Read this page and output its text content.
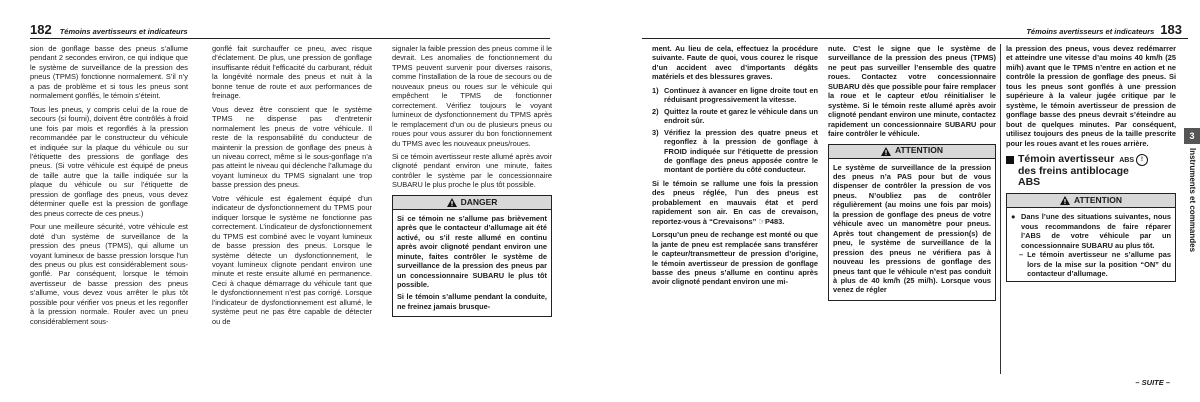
182 Témoins avertisseurs et indicateurs

sion de gonflage basse des pneus s’allume pendant 2 secondes environ, ce qui indique que le système de surveillance de la pression des pneus (TPMS) fonctionne normalement. S’il n’y a pas de problème et si tous les pneus sont normalement gonflés, le témoin s’éteint.

Tous les pneus, y compris celui de la roue de secours (si fourni), doivent être contrôlés à froid une fois par mois et regonflés à la pression recommandée par le constructeur du véhicule et indiquée sur la plaque du véhicule ou sur l’étiquette des pressions de gonflage des pneus. (Si votre véhicule est équipé de pneus de taille autre que la taille indiquée sur la plaque du véhicule ou sur l’étiquette de pression de gonflage des pneus, vous devez déterminer quelle est la pression de gonflage des pneus correcte de ces pneus.)

Pour une meilleure sécurité, votre véhicule est doté d’un système de surveillance de la pression des pneus (TPMS), qui allume un voyant lumineux de basse pression lorsque l’un des pneus ou plus est considérablement sous-gonflé. Par conséquent, lorsque le témoin avertisseur de basse pression des pneus s’allume, vous devez vous arrêter le plus tôt possible pour vérifier vos pneus et les regonfler à la pression normale. Rouler avec un pneu considérablement sous-

gonflé fait surchauffer ce pneu, avec risque d’éclatement. De plus, une pression de gonflage insuffisante réduit l’efficacité du carburant, réduit la longévité normale des pneus et nuit à la bonne tenue de route et aux performances de freinage.

Vous devez être conscient que le système TPMS ne dispense pas d’entretenir normalement les pneus de votre véhicule. Il reste de la responsabilité du conducteur de maintenir la pression de gonflage des pneus à un niveau correct, même si le sous-gonflage n’a pas atteint le niveau qui déclenche l’allumage du voyant lumineux du TPMS signalant une trop basse pression des pneus.

Votre véhicule est également équipé d’un indicateur de dysfonctionnement du TPMS pour indiquer lorsque le système ne fonctionne pas correctement. L’indicateur de dysfonctionnement du TPMS est combiné avec le voyant lumineux de basse pression des pneus. Lorsque le système détecte un dysfonctionnement, le voyant lumineux clignote pendant environ une minute et reste ensuite allumé en permanence. Ceci à chaque démarrage du véhicule tant que le dysfonctionnement n’est pas corrigé. Lorsque l’indicateur de dysfonctionnement est allumé, le système peut ne pas être capable de détecter ou de

signaler la faible pression des pneus comme il le devrait. Les anomalies de fonctionnement du TPMS peuvent survenir pour diverses raisons, comme l’installation de la roue de secours ou de nouveaux pneus ou roues sur le véhicule qui empêchent le TPMS de fonctionner correctement. Vérifiez toujours le voyant lumineux de dysfonctionnement du TPMS après le remplacement d’un ou de plusieurs pneus ou roues pour vous assurer du bon fonctionnement du TPMS avec les nouveaux pneus/roues.

Si ce témoin avertisseur reste allumé après avoir clignoté pendant environ une minute, faites contrôler le système par le concessionnaire SUBARU le plus proche le plus tôt possible.

DANGER

Si ce témoin ne s’allume pas brièvement après que le contacteur d’allumage ait été activé, ou s’il reste allumé en continu après avoir clignoté pendant environ une minute, faites contrôler le système de surveillance de la pression des pneus par un concessionnaire SUBARU le plus tôt possible.

Si le témoin s’allume pendant la conduite, ne freinez jamais brusque-

Témoins avertisseurs et indicateurs 183

ment. Au lieu de cela, effectuez la procédure suivante. Faute de quoi, vous courez le risque d’un accident avec d’importants dégâts matériels et des blessures graves.

1) Continuez à avancer en ligne droite tout en réduisant progressivement la vitesse.
2) Quittez la route et garez le véhicule dans un endroit sûr.
3) Vérifiez la pression des quatre pneus et regonflez à la pression de gonflage à FROID indiquée sur l’étiquette de pression de gonflage des pneus apposée contre le montant de portière du côté conducteur.

Si le témoin se rallume une fois la pression des pneus réglée, l’un des pneus est probablement en mauvais état et perd rapidement son air. En cas de crevaison, reportez-vous à “Crevaisons” ☞P483.

Lorsqu’un pneu de rechange est monté ou que la jante de pneu est remplacée sans transférer le capteur/transmetteur de pression d’origine, le témoin avertisseur de pression de gonflage basse des pneus s’allume en continu après avoir clignoté pendant environ une mi-

nute. C’est le signe que le système de surveillance de la pression des pneus (TPMS) ne peut pas surveiller l’ensemble des quatre roues. Contactez votre concessionnaire SUBARU dès que possible pour faire remplacer la roue et le capteur et/ou réinitialiser le système. Si le témoin reste allumé après avoir clignoté pendant environ une minute, contactez rapidement un concessionnaire SUBARU pour faire contrôler le véhicule.

ATTENTION

Le système de surveillance de la pression des pneus n’a PAS pour but de vous dispenser de contrôler la pression de vos pneus. N’oubliez pas de contrôler régulièrement (au moins une fois par mois) la pression de gonflage des pneus de votre véhicule avec un manomètre pour pneus. Après tout changement de pression(s) de pneu, le système de surveillance de la pression des pneus ne vérifiera pas à nouveau les pressions de gonflage des pneus tant que le véhicule n’est pas conduit à plus de 40 km/h (25 mi/h). Lorsque vous venez de régler

la pression des pneus, vous devez redémarrer et atteindre une vitesse d’au moins 40 km/h (25 mi/h) avant que le TPMS n’entre en action et ne contrôle la pression de gonflage des pneus. Si tous les pneus sont gonflés à une pression supérieure à la valeur jugée critique par le système, le témoin avertisseur de pression de gonflage basse des pneus devrait s’éteindre au bout de quelques minutes. Par conséquent, utilisez toujours des pneus de la taille prescrite pour les roues avant et les roues arrière.

Témoin avertisseur ABS	!
des freins antiblocage
ABS
ATTENTION
● Dans l’une des situations suivantes, nous vous recommandons de faire réparer l’ABS de votre véhicule par un concessionnaire SUBARU au plus tôt.
– Le témoin avertisseur ne s’allume pas lors de la mise sur la position “ON” du contacteur d’allumage.
3
Instruments et commandes
– SUITE –
